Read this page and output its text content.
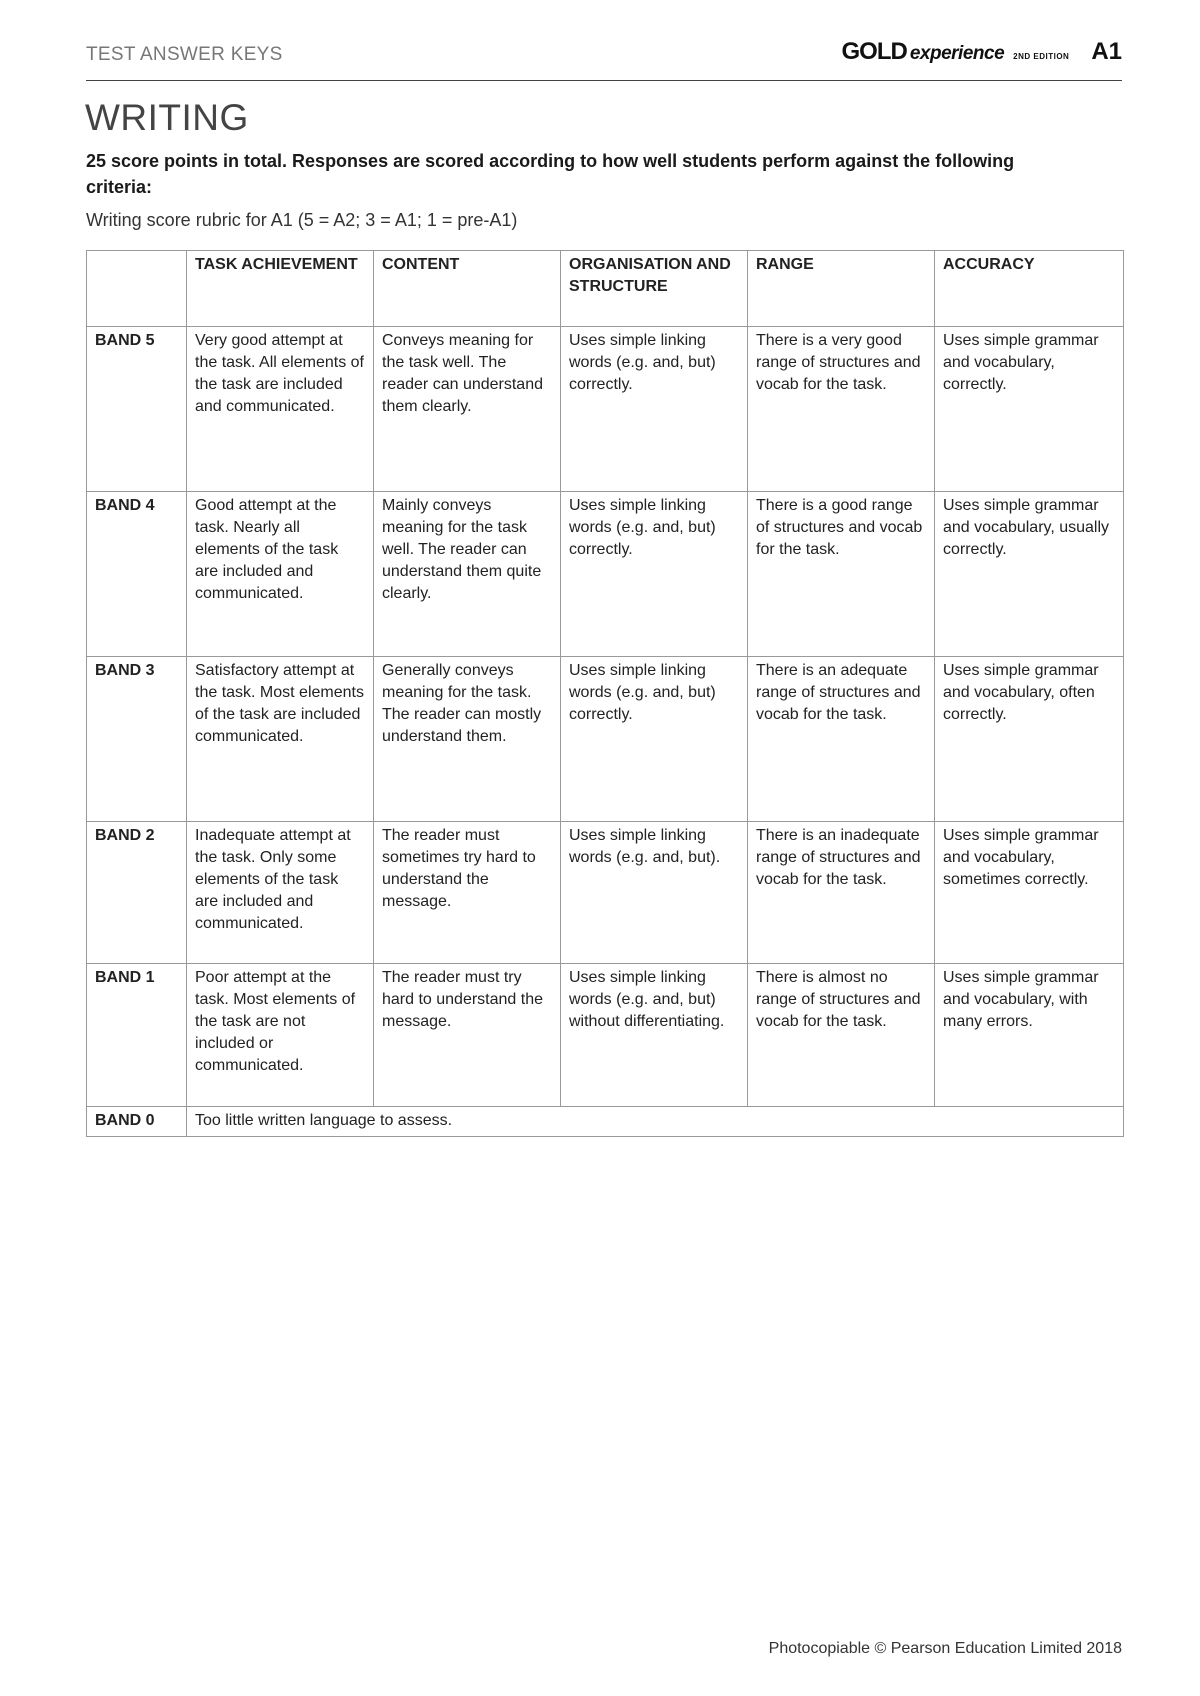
TEST ANSWER KEYS	GOLD experience 2ND EDITION A1
WRITING
25 score points in total. Responses are scored according to how well students perform against the following criteria:
Writing score rubric for A1 (5 = A2; 3 = A1; 1 = pre-A1)
	TASK ACHIEVEMENT	CONTENT	ORGANISATION AND STRUCTURE	RANGE	ACCURACY
BAND 5	Very good attempt at the task. All elements of the task are included and communicated.	Conveys meaning for the task well. The reader can understand them clearly.	Uses simple linking words (e.g. and, but) correctly.	There is a very good range of structures and vocab for the task.	Uses simple grammar and vocabulary, correctly.
BAND 4	Good attempt at the task. Nearly all elements of the task are included and communicated.	Mainly conveys meaning for the task well. The reader can understand them quite clearly.	Uses simple linking words (e.g. and, but) correctly.	There is a good range of structures and vocab for the task.	Uses simple grammar and vocabulary, usually correctly.
BAND 3	Satisfactory attempt at the task. Most elements of the task are included communicated.	Generally conveys meaning for the task. The reader can mostly understand them.	Uses simple linking words (e.g. and, but) correctly.	There is an adequate range of structures and vocab for the task.	Uses simple grammar and vocabulary, often correctly.
BAND 2	Inadequate attempt at the task. Only some elements of the task are included and communicated.	The reader must sometimes try hard to understand the message.	Uses simple linking words (e.g. and, but).	There is an inadequate range of structures and vocab for the task.	Uses simple grammar and vocabulary, sometimes correctly.
BAND 1	Poor attempt at the task. Most elements of the task are not included or communicated.	The reader must try hard to understand the message.	Uses simple linking words (e.g. and, but) without differentiating.	There is almost no range of structures and vocab for the task.	Uses simple grammar and vocabulary, with many errors.
BAND 0	Too little written language to assess.				
Photocopiable © Pearson Education Limited 2018
